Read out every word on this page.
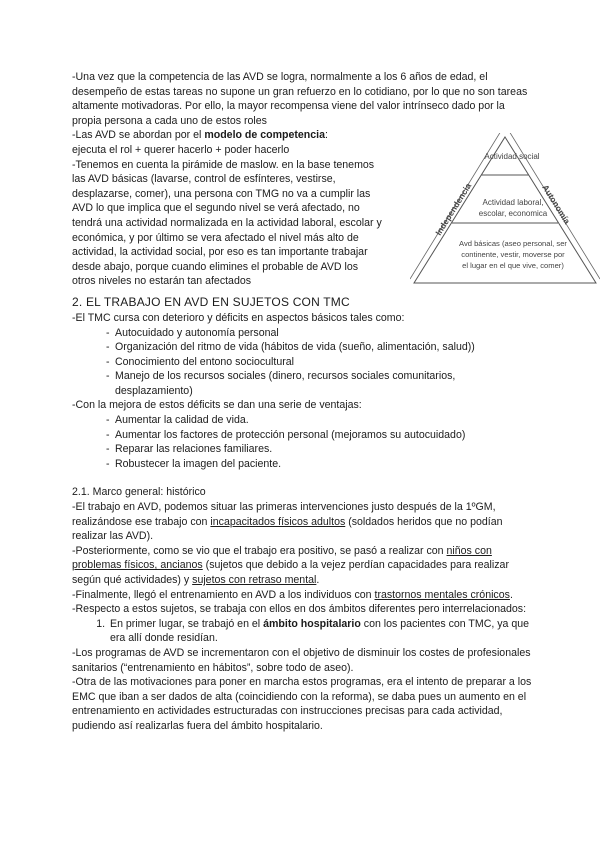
-Una vez que la competencia de las AVD se logra, normalmente a los 6 años de edad, el desempeño de estas tareas no supone un gran refuerzo en lo cotidiano, por lo que no son tareas altamente motivadoras. Por ello, la mayor recompensa viene del valor intrínseco dado por la propia persona a cada uno de estos roles

-Las AVD se abordan por el modelo de competencia:

ejecuta el rol + querer hacerlo + poder hacerlo

-Tenemos en cuenta la pirámide de maslow. en la base tenemos las AVD básicas (lavarse, control de esfínteres, vestirse, desplazarse, comer), una persona con TMG no va a cumplir las AVD lo que implica que el segundo nivel se verá afectado, no tendrá una actividad normalizada en la actividad laboral, escolar y económica, y por último se vera afectado el nivel más alto de actividad, la actividad social, por eso es tan importante trabajar desde abajo, porque cuando elimines el probable de AVD los otros niveles no estarán tan afectados

2. EL TRABAJO EN AVD EN SUJETOS CON TMC

-El TMC cursa con deterioro y déficits en aspectos básicos tales como:

- Autocuidado y autonomía personal
- Organización del ritmo de vida (hábitos de vida (sueño, alimentación, salud))
- Conocimiento del entono sociocultural
- Manejo de los recursos sociales (dinero, recursos sociales comunitarios, desplazamiento)

-Con la mejora de estos déficits se dan una serie de ventajas:

- Aumentar la calidad de vida.
- Aumentar los factores de protección personal (mejoramos su autocuidado)
- Reparar las relaciones familiares.
- Robustecer la imagen del paciente.
2.1. Marco general: histórico

-El trabajo en AVD, podemos situar las primeras intervenciones justo después de la 1ºGM, realizándose ese trabajo con incapacitados físicos adultos (soldados heridos que no podían realizar las AVD).

-Posteriormente, como se vio que el trabajo era positivo, se pasó a realizar con niños con problemas físicos, ancianos (sujetos que debido a la vejez perdían capacidades para realizar según qué actividades) y sujetos con retraso mental.

-Finalmente, llegó el entrenamiento en AVD a los individuos con trastornos mentales crónicos.

-Respecto a estos sujetos, se trabaja con ellos en dos ámbitos diferentes pero interrelacionados:

1. En primer lugar, se trabajó en el ámbito hospitalario con los pacientes con TMC, ya que era allí donde residían.

-Los programas de AVD se incrementaron con el objetivo de disminuir los costes de profesionales sanitarios (“entrenamiento en hábitos”, sobre todo de aseo).

-Otra de las motivaciones para poner en marcha estos programas, era el intento de preparar a los EMC que iban a ser dados de alta (coincidiendo con la reforma), se daba pues un aumento en el entrenamiento en actividades estructuradas con instrucciones precisas para cada actividad, pudiendo así realizarlas fuera del ámbito hospitalario.

Actividad social
Actividad laboral,
escolar, economica
Avd básicas (aseo personal, ser
continente, vestir, moverse por
el lugar en el que vive, comer)
Independencia	Autonomía
